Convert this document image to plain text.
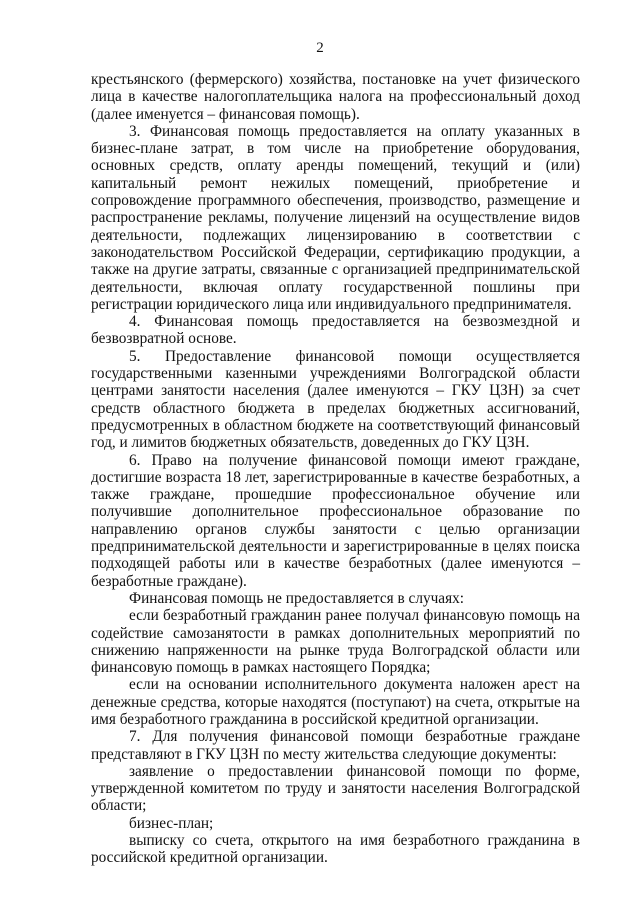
2

крестьянского (фермерского) хозяйства, постановке на учет физического лица в качестве налогоплательщика налога на профессиональный доход (далее именуется – финансовая помощь).

3. Финансовая помощь предоставляется на оплату указанных в бизнес-плане затрат, в том числе на приобретение оборудования, основных средств, оплату аренды помещений, текущий и (или) капитальный ремонт нежилых помещений, приобретение и сопровождение программного обеспечения, производство, размещение и распространение рекламы, получение лицензий на осуществление видов деятельности, подлежащих лицензированию в соответствии с законодательством Российской Федерации, сертификацию продукции, а также на другие затраты, связанные с организацией предпринимательской деятельности, включая оплату государственной пошлины при регистрации юридического лица или индивидуального предпринимателя.

4. Финансовая помощь предоставляется на безвозмездной и безвозвратной основе.

5. Предоставление финансовой помощи осуществляется государственными казенными учреждениями Волгоградской области центрами занятости населения (далее именуются – ГКУ ЦЗН) за счет средств областного бюджета в пределах бюджетных ассигнований, предусмотренных в областном бюджете на соответствующий финансовый год, и лимитов бюджетных обязательств, доведенных до ГКУ ЦЗН.

6. Право на получение финансовой помощи имеют граждане, достигшие возраста 18 лет, зарегистрированные в качестве безработных, а также граждане, прошедшие профессиональное обучение или получившие дополнительное профессиональное образование по направлению органов службы занятости с целью организации предпринимательской деятельности и зарегистрированные в целях поиска подходящей работы или в качестве безработных (далее именуются – безработные граждане).

Финансовая помощь не предоставляется в случаях:

если безработный гражданин ранее получал финансовую помощь на содействие самозанятости в рамках дополнительных мероприятий по снижению напряженности на рынке труда Волгоградской области или финансовую помощь в рамках настоящего Порядка;

если на основании исполнительного документа наложен арест на денежные средства, которые находятся (поступают) на счета, открытые на имя безработного гражданина в российской кредитной организации.

7. Для получения финансовой помощи безработные граждане представляют в ГКУ ЦЗН по месту жительства следующие документы:

заявление о предоставлении финансовой помощи по форме, утвержденной комитетом по труду и занятости населения Волгоградской области;

бизнес-план;

выписку со счета, открытого на имя безработного гражданина в российской кредитной организации.
